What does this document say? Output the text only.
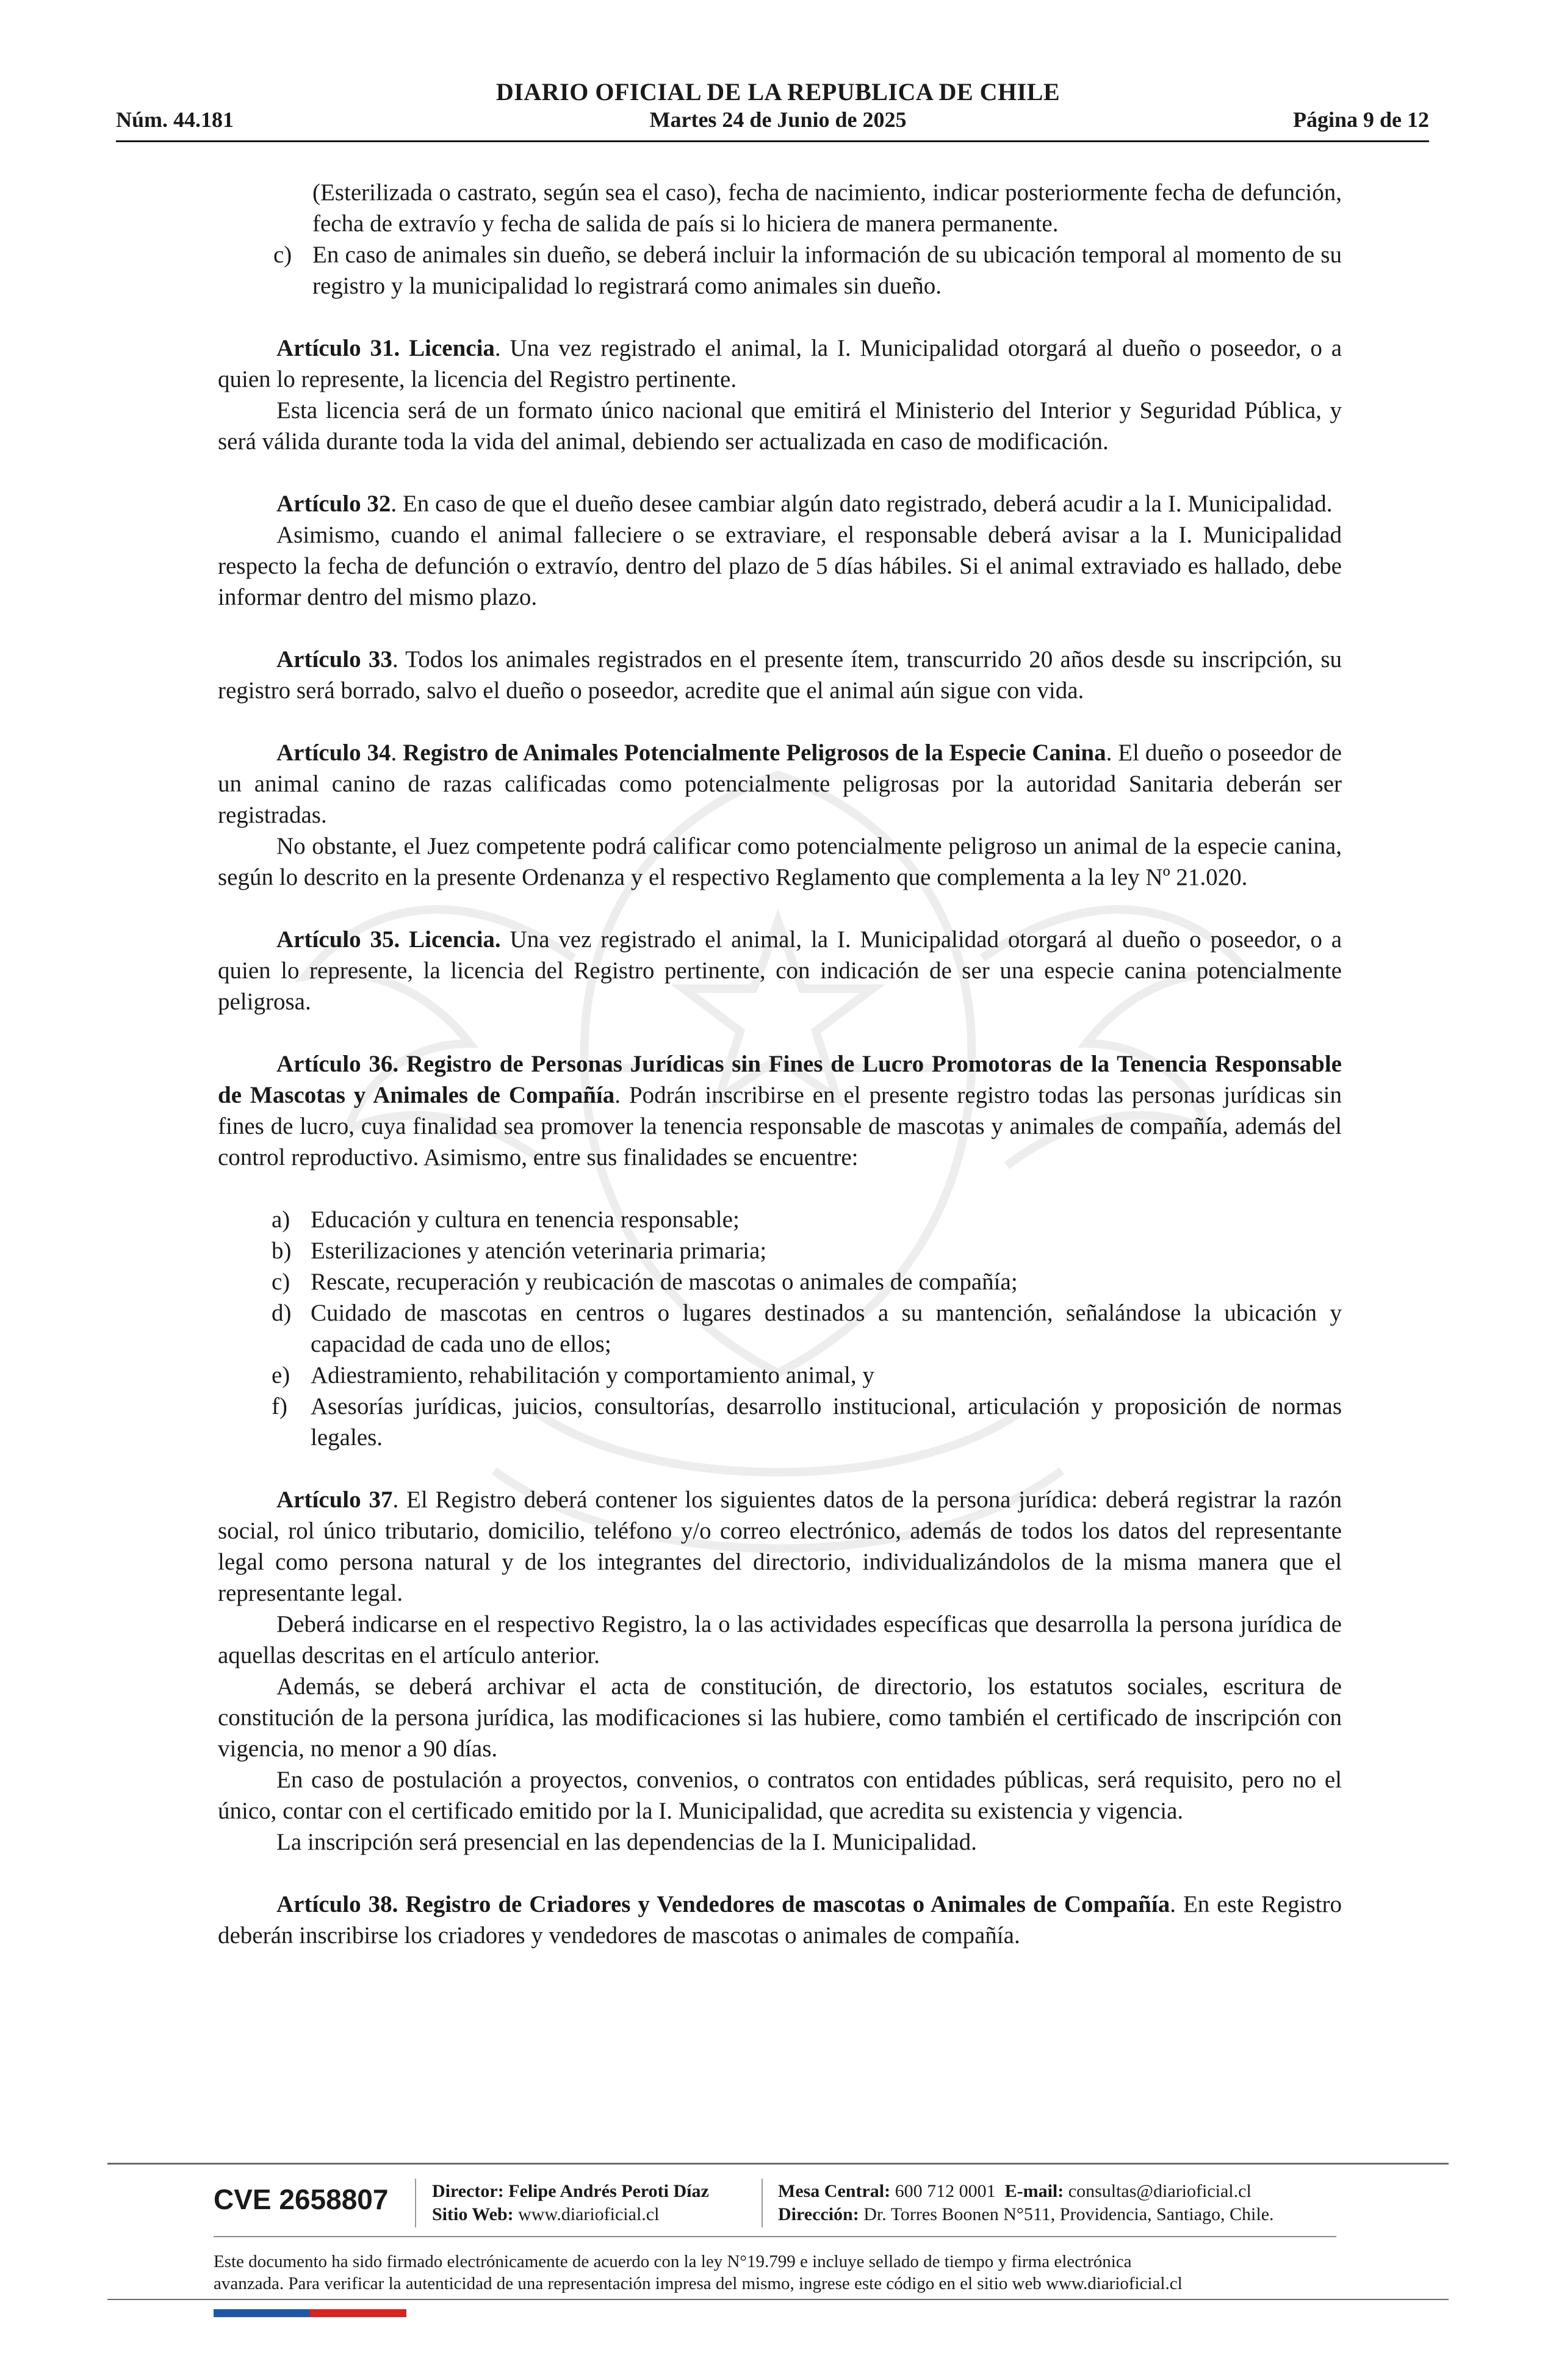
DIARIO OFICIAL DE LA REPUBLICA DE CHILE
Núm. 44.181	Martes 24 de Junio de 2025	Página 9 de 12

(Esterilizada o castrato, según sea el caso), fecha de nacimiento, indicar posteriormente fecha de defunción, fecha de extravío y fecha de salida de país si lo hiciera de manera permanente.

c) En caso de animales sin dueño, se deberá incluir la información de su ubicación temporal al momento de su registro y la municipalidad lo registrará como animales sin dueño.

Artículo 31. Licencia. Una vez registrado el animal, la I. Municipalidad otorgará al dueño o poseedor, o a quien lo represente, la licencia del Registro pertinente.

Esta licencia será de un formato único nacional que emitirá el Ministerio del Interior y Seguridad Pública, y será válida durante toda la vida del animal, debiendo ser actualizada en caso de modificación.

Artículo 32. En caso de que el dueño desee cambiar algún dato registrado, deberá acudir a la I. Municipalidad.

Asimismo, cuando el animal falleciere o se extraviare, el responsable deberá avisar a la I. Municipalidad respecto la fecha de defunción o extravío, dentro del plazo de 5 días hábiles. Si el animal extraviado es hallado, debe informar dentro del mismo plazo.

Artículo 33. Todos los animales registrados en el presente ítem, transcurrido 20 años desde su inscripción, su registro será borrado, salvo el dueño o poseedor, acredite que el animal aún sigue con vida.

Artículo 34. Registro de Animales Potencialmente Peligrosos de la Especie Canina. El dueño o poseedor de un animal canino de razas calificadas como potencialmente peligrosas por la autoridad Sanitaria deberán ser registradas.

No obstante, el Juez competente podrá calificar como potencialmente peligroso un animal de la especie canina, según lo descrito en la presente Ordenanza y el respectivo Reglamento que complementa a la ley Nº 21.020.

Artículo 35. Licencia. Una vez registrado el animal, la I. Municipalidad otorgará al dueño o poseedor, o a quien lo represente, la licencia del Registro pertinente, con indicación de ser una especie canina potencialmente peligrosa.

Artículo 36. Registro de Personas Jurídicas sin Fines de Lucro Promotoras de la Tenencia Responsable de Mascotas y Animales de Compañía. Podrán inscribirse en el presente registro todas las personas jurídicas sin fines de lucro, cuya finalidad sea promover la tenencia responsable de mascotas y animales de compañía, además del control reproductivo. Asimismo, entre sus finalidades se encuentre:

a) Educación y cultura en tenencia responsable;
b) Esterilizaciones y atención veterinaria primaria;
c) Rescate, recuperación y reubicación de mascotas o animales de compañía;
d) Cuidado de mascotas en centros o lugares destinados a su mantención, señalándose la ubicación y capacidad de cada uno de ellos;
e) Adiestramiento, rehabilitación y comportamiento animal, y
f) Asesorías jurídicas, juicios, consultorías, desarrollo institucional, articulación y proposición de normas legales.

Artículo 37. El Registro deberá contener los siguientes datos de la persona jurídica: deberá registrar la razón social, rol único tributario, domicilio, teléfono y/o correo electrónico, además de todos los datos del representante legal como persona natural y de los integrantes del directorio, individualizándolos de la misma manera que el representante legal.

Deberá indicarse en el respectivo Registro, la o las actividades específicas que desarrolla la persona jurídica de aquellas descritas en el artículo anterior.

Además, se deberá archivar el acta de constitución, de directorio, los estatutos sociales, escritura de constitución de la persona jurídica, las modificaciones si las hubiere, como también el certificado de inscripción con vigencia, no menor a 90 días.

En caso de postulación a proyectos, convenios, o contratos con entidades públicas, será requisito, pero no el único, contar con el certificado emitido por la I. Municipalidad, que acredita su existencia y vigencia.

La inscripción será presencial en las dependencias de la I. Municipalidad.

Artículo 38. Registro de Criadores y Vendedores de mascotas o Animales de Compañía. En este Registro deberán inscribirse los criadores y vendedores de mascotas o animales de compañía.

CVE 2658807 Director: Felipe Andrés Peroti Díaz
Sitio Web: www.diarioficial.cl
Mesa Central: 600 712 0001 E-mail: consultas@diarioficial.cl
Dirección: Dr. Torres Boonen N°511, Providencia, Santiago, Chile.
Este documento ha sido firmado electrónicamente de acuerdo con la ley N°19.799 e incluye sellado de tiempo y firma electrónica
avanzada. Para verificar la autenticidad de una representación impresa del mismo, ingrese este código en el sitio web www.diarioficial.cl
